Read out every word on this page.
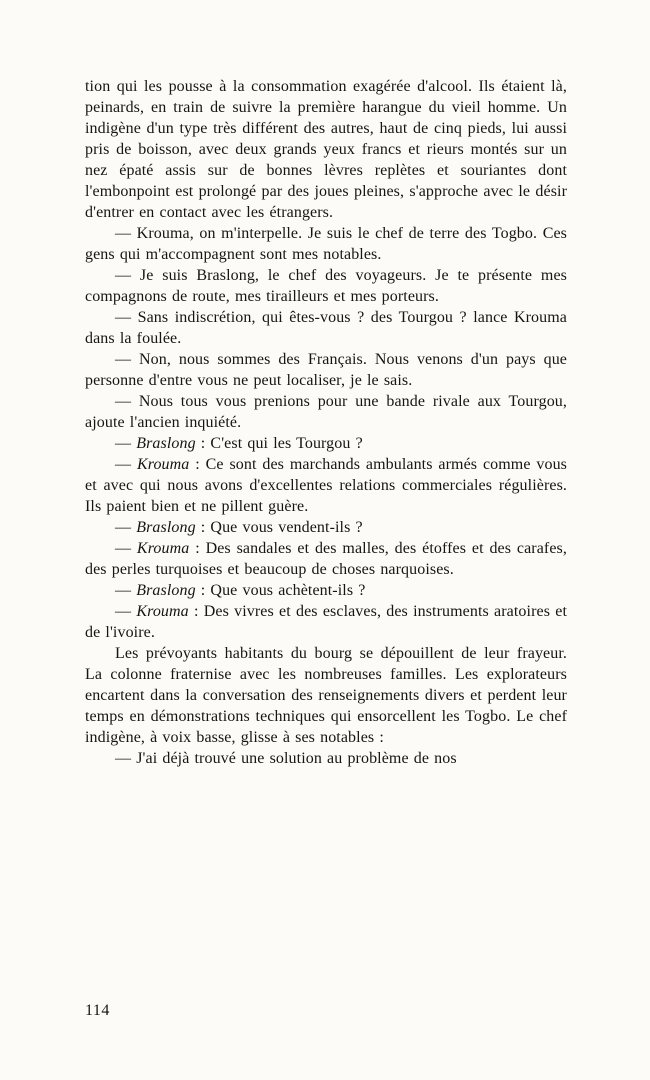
tion qui les pousse à la consommation exagérée d'alcool. Ils étaient là, peinards, en train de suivre la première harangue du vieil homme. Un indigène d'un type très différent des autres, haut de cinq pieds, lui aussi pris de boisson, avec deux grands yeux francs et rieurs montés sur un nez épaté assis sur de bonnes lèvres replètes et souriantes dont l'embonpoint est prolongé par des joues pleines, s'approche avec le désir d'entrer en contact avec les étrangers.

— Krouma, on m'interpelle. Je suis le chef de terre des Togbo. Ces gens qui m'accompagnent sont mes notables.

— Je suis Braslong, le chef des voyageurs. Je te présente mes compagnons de route, mes tirailleurs et mes porteurs.

— Sans indiscrétion, qui êtes-vous ? des Tourgou ? lance Krouma dans la foulée.

— Non, nous sommes des Français. Nous venons d'un pays que personne d'entre vous ne peut localiser, je le sais.

— Nous tous vous prenions pour une bande rivale aux Tourgou, ajoute l'ancien inquiété.

— Braslong : C'est qui les Tourgou ?

— Krouma : Ce sont des marchands ambulants armés comme vous et avec qui nous avons d'excellentes relations commerciales régulières. Ils paient bien et ne pillent guère.

— Braslong : Que vous vendent-ils ?

— Krouma : Des sandales et des malles, des étoffes et des carafes, des perles turquoises et beaucoup de choses narquoises.

— Braslong : Que vous achètent-ils ?

— Krouma : Des vivres et des esclaves, des instruments aratoires et de l'ivoire.

Les prévoyants habitants du bourg se dépouillent de leur frayeur. La colonne fraternise avec les nombreuses familles. Les explorateurs encartent dans la conversation des renseignements divers et perdent leur temps en démonstrations techniques qui ensorcellent les Togbo. Le chef indigène, à voix basse, glisse à ses notables :

— J'ai déjà trouvé une solution au problème de nos

114
